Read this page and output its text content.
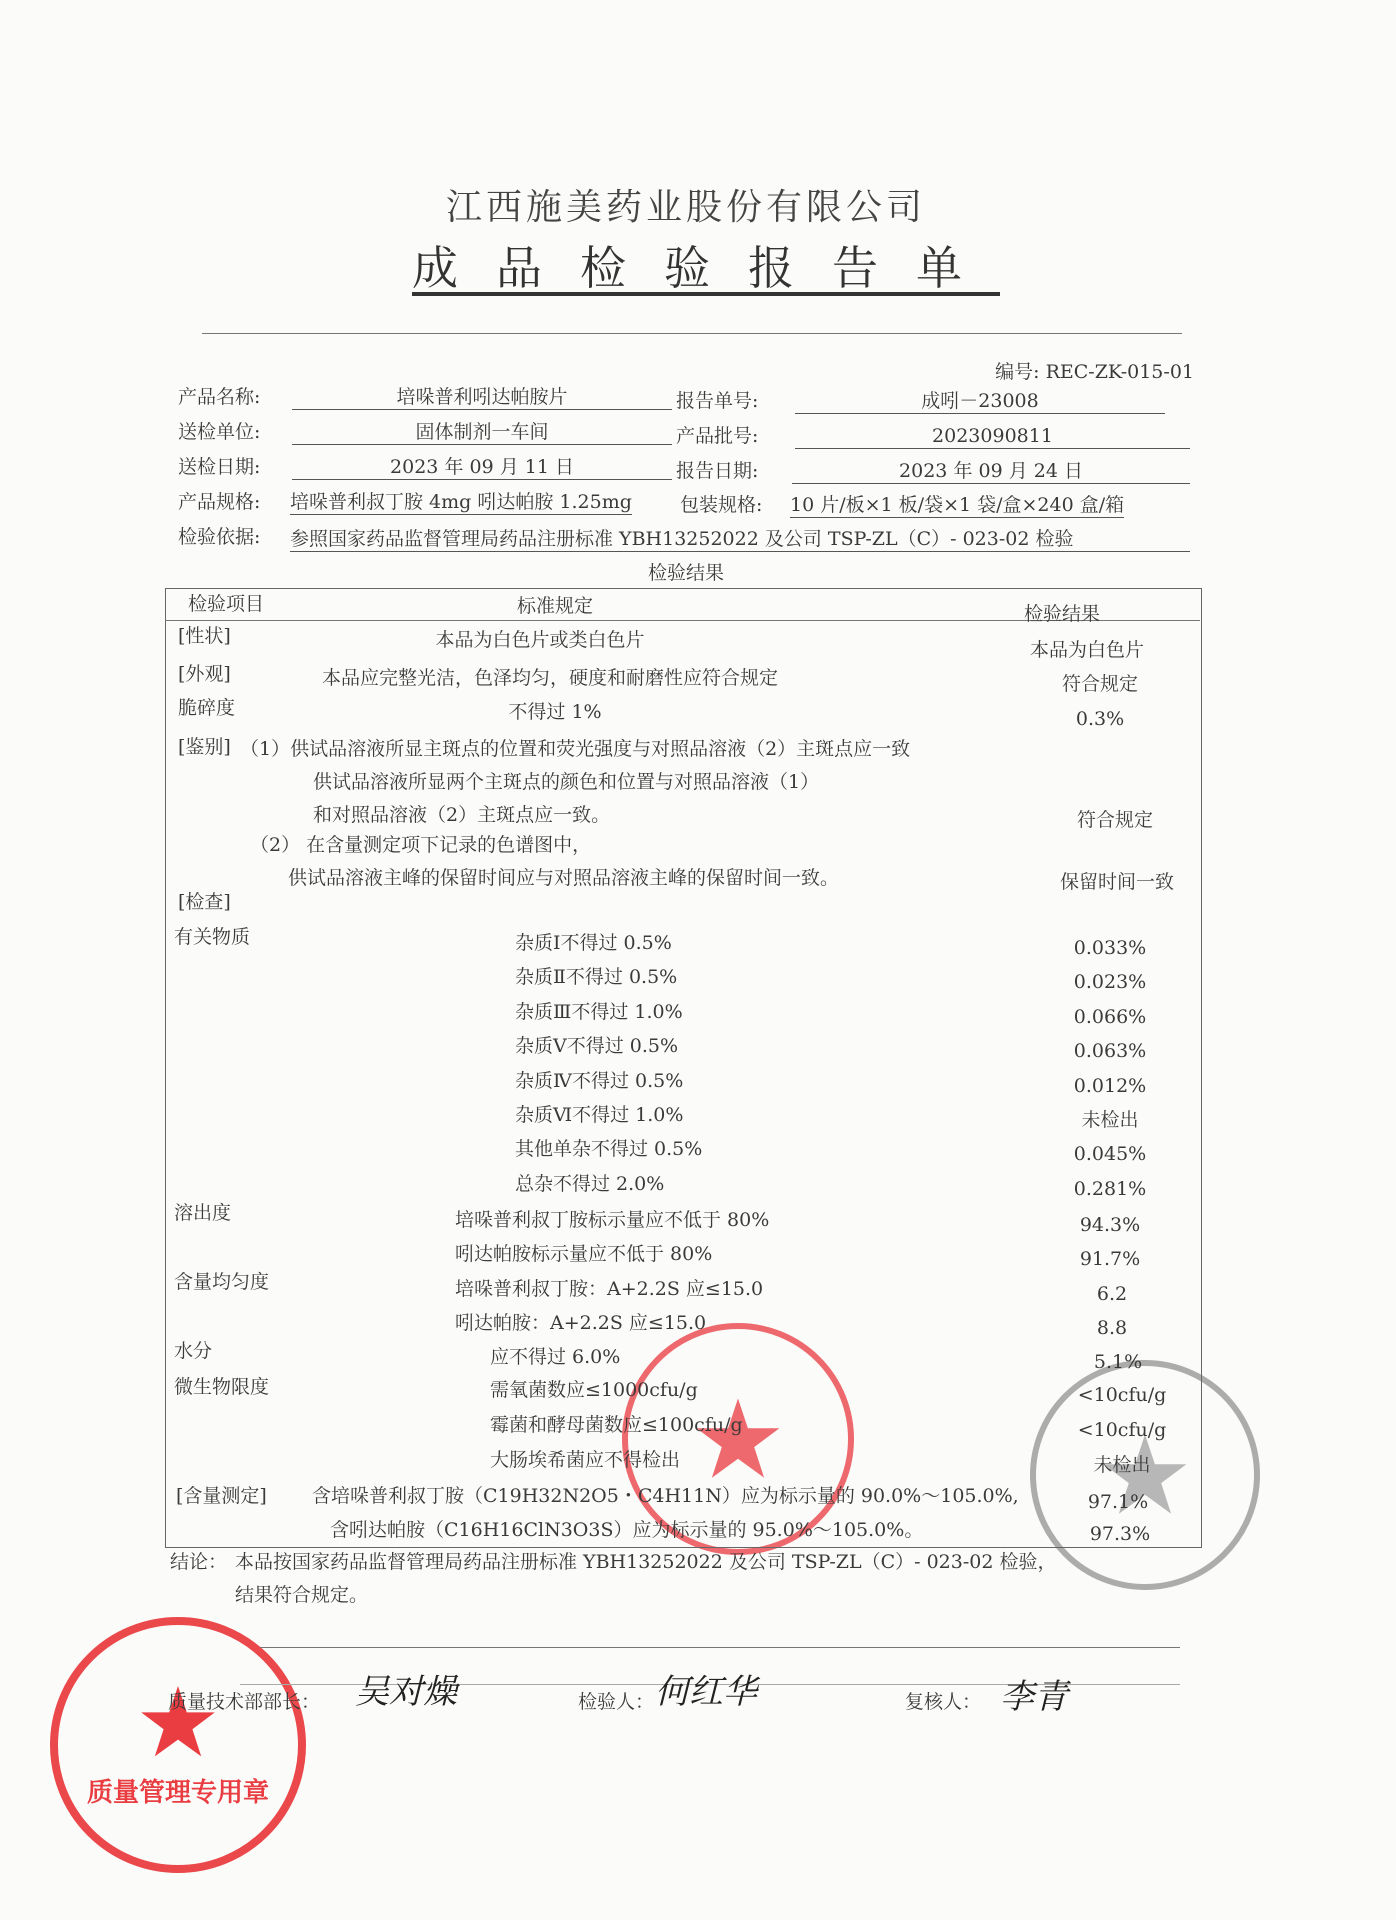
江西施美药业股份有限公司
成品检验报告单
编号: REC-ZK-015-01
产品名称:	培哚普利吲达帕胺片	报告单号:	成吲－23008
送检单位:	固体制剂一车间	产品批号:	2023090811
送检日期:	2023 年 09 月 11 日	报告日期:	2023 年 09 月 24 日
产品规格: 培哚普利叔丁胺 4mg 吲达帕胺 1.25mg	包装规格: 10 片/板×1 板/袋×1 袋/盒×240 盒/箱
检验依据: 参照国家药品监督管理局药品注册标准 YBH13252022 及公司 TSP-ZL（C）- 023-02 检验
检验结果
检验项目	标准规定	检验结果
[性状]	本品为白色片或类白色片	本品为白色片
[外观]	本品应完整光洁，色泽均匀，硬度和耐磨性应符合规定	符合规定
脆碎度	不得过 1%	0.3%
[鉴别] （1）供试品溶液所显主斑点的位置和荧光强度与对照品溶液（2）主斑点应一致
供试品溶液所显两个主斑点的颜色和位置与对照品溶液（1）
和对照品溶液（2）主斑点应一致。	符合规定
（2） 在含量测定项下记录的色谱图中，
供试品溶液主峰的保留时间应与对照品溶液主峰的保留时间一致。	保留时间一致
[检查]
有关物质	杂质Ⅰ不得过 0.5%	0.033%
杂质Ⅱ不得过 0.5%	0.023%
杂质Ⅲ不得过 1.0%	0.066%
杂质Ⅴ不得过 0.5%	0.063%
杂质Ⅳ不得过 0.5%	0.012%
杂质Ⅵ不得过 1.0%	未检出
其他单杂不得过 0.5%	0.045%
总杂不得过 2.0%	0.281%
溶出度	培哚普利叔丁胺标示量应不低于 80%	94.3%
吲达帕胺标示量应不低于 80%	91.7%
含量均匀度	培哚普利叔丁胺：A+2.2S 应≤15.0	6.2
吲达帕胺：A+2.2S 应≤15.0	8.8
水分	应不得过 6.0%	5.1%
微生物限度	需氧菌数应≤1000cfu/g	<10cfu/g
霉菌和酵母菌数应≤100cfu/g	<10cfu/g
大肠埃希菌应不得检出	未检出
[含量测定] 含培哚普利叔丁胺（C19H32N2O5・C4H11N）应为标示量的 90.0%～105.0%,	97.1%
含吲达帕胺（C16H16ClN3O3S）应为标示量的 95.0%～105.0%。	97.3%
结论： 本品按国家药品监督管理局药品注册标准 YBH13252022 及公司 TSP-ZL（C）- 023-02 检验，
结果符合规定。
质量技术部部长： 吴对燥	检验人： 何红华	复核人： 李青
质量管理专用章
